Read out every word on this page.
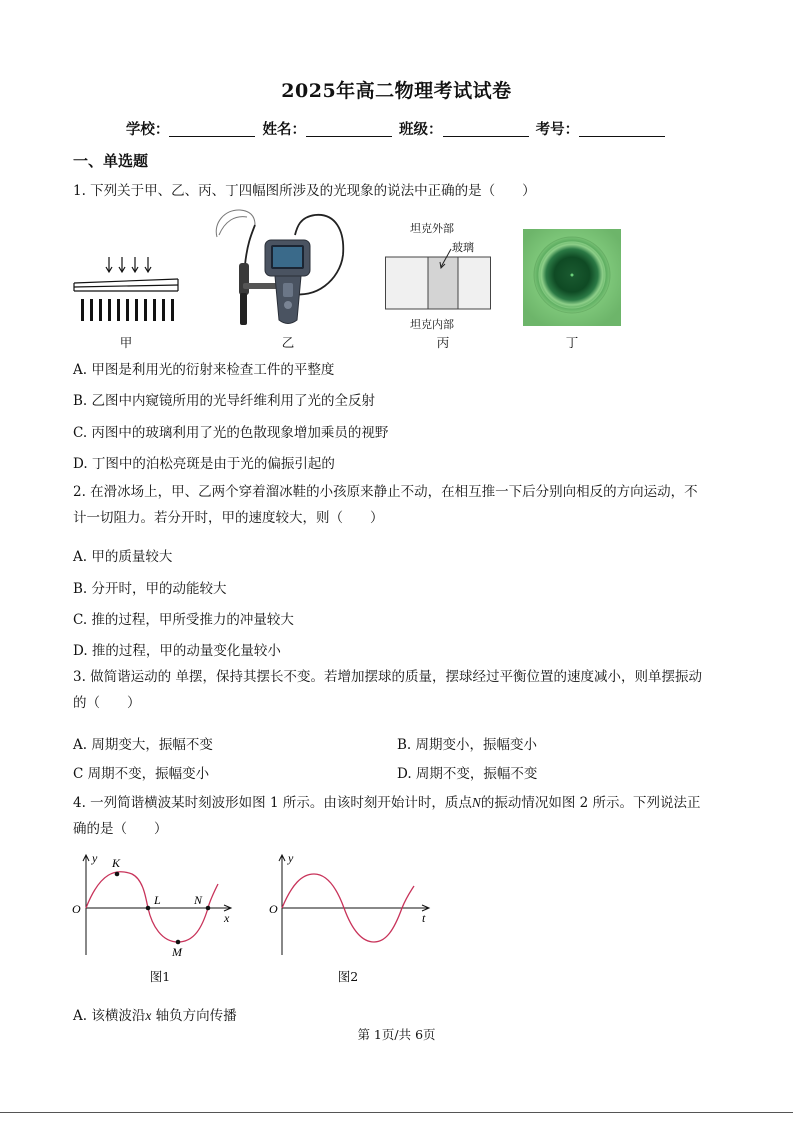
2025年高二物理考试试卷
学校：	姓名：	班级：	考号：
一、单选题
1. 下列关于甲、乙、丙、丁四幅图所涉及的光现象的说法中正确的是（　　）
甲	乙
坦克外部
玻璃
坦克内部
丙	丁
A. 甲图是利用光的衍射来检查工件的平整度
B. 乙图中内窥镜所用的光导纤维利用了光的全反射
C. 丙图中的玻璃利用了光的色散现象增加乘员的视野
D. 丁图中的泊松亮斑是由于光的偏振引起的
2. 在滑冰场上，甲、乙两个穿着溜冰鞋的小孩原来静止不动，在相互推一下后分别向相反的方向运动，不
计一切阻力。若分开时，甲的速度较大，则（　　）
A. 甲的质量较大
B. 分开时，甲的动能较大
C. 推的过程，甲所受推力的冲量较大
D. 推的过程，甲的动量变化量较小
3. 做简谐运动的 单摆，保持其摆长不变。若增加摆球的质量，摆球经过平衡位置的速度减小，则单摆振动
的（　　）
A. 周期变大，振幅不变	B. 周期变小，振幅变小
C 周期不变，振幅变小	D. 周期不变，振幅不变
4. 一列简谐横波某时刻波形如图 1 所示。由该时刻开始计时，质点N的振动情况如图 2 所示。下列说法正
确的是（　　）
y
x
O
K
L
M
N
图1
y
t
O
图2
A. 该横波沿x 轴负方向传播
第 1页/共 6页
